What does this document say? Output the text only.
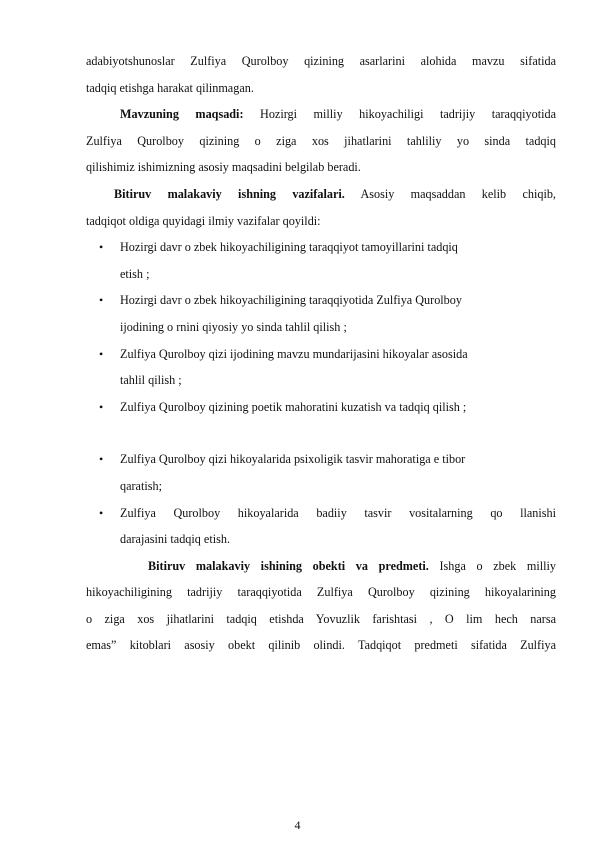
adabiyotshunoslar Zulfiya Qurolboy qizining asarlarini alohida mavzu sifatida

tadqiq etishga harakat qilinmagan.

Mavzuning maqsadi: Hozirgi milliy hikoyachiligi tadrijiy taraqqiyotida

Zulfiya Qurolboy qizining o ziga xos jihatlarini tahliliy yo sinda tadqiq

qilishimiz ishimizning asosiy maqsadini belgilab beradi.

Bitiruv malakaviy ishning vazifalari. Asosiy maqsaddan kelib chiqib,

tadqiqot oldiga quyidagi ilmiy vazifalar qoyildi:

• Hozirgi davr o zbek hikoyachiligining taraqqiyot tamoyillarini tadqiq
etish ;
• Hozirgi davr o zbek hikoyachiligining taraqqiyotida Zulfiya Qurolboy
ijodining o rnini qiyosiy yo sinda tahlil qilish ;
• Zulfiya Qurolboy qizi ijodining mavzu mundarijasini hikoyalar asosida
tahlil qilish ;
• Zulfiya Qurolboy qizining poetik mahoratini kuzatish va tadqiq qilish ;
• Zulfiya Qurolboy qizi hikoyalarida psixoligik tasvir mahoratiga e tibor
qaratish;
• Zulfiya Qurolboy hikoyalarida badiiy tasvir vositalarning qo llanishi
darajasini tadqiq etish.

Bitiruv malakaviy ishining obekti va predmeti. Ishga o zbek milliy

hikoyachiligining tadrijiy taraqqiyotida Zulfiya Qurolboy qizining hikoyalarining

o ziga xos jihatlarini tadqiq etishda Yovuzlik farishtasi , O lim hech narsa

emas” kitoblari asosiy obekt qilinib olindi. Tadqiqot predmeti sifatida Zulfiya

4
